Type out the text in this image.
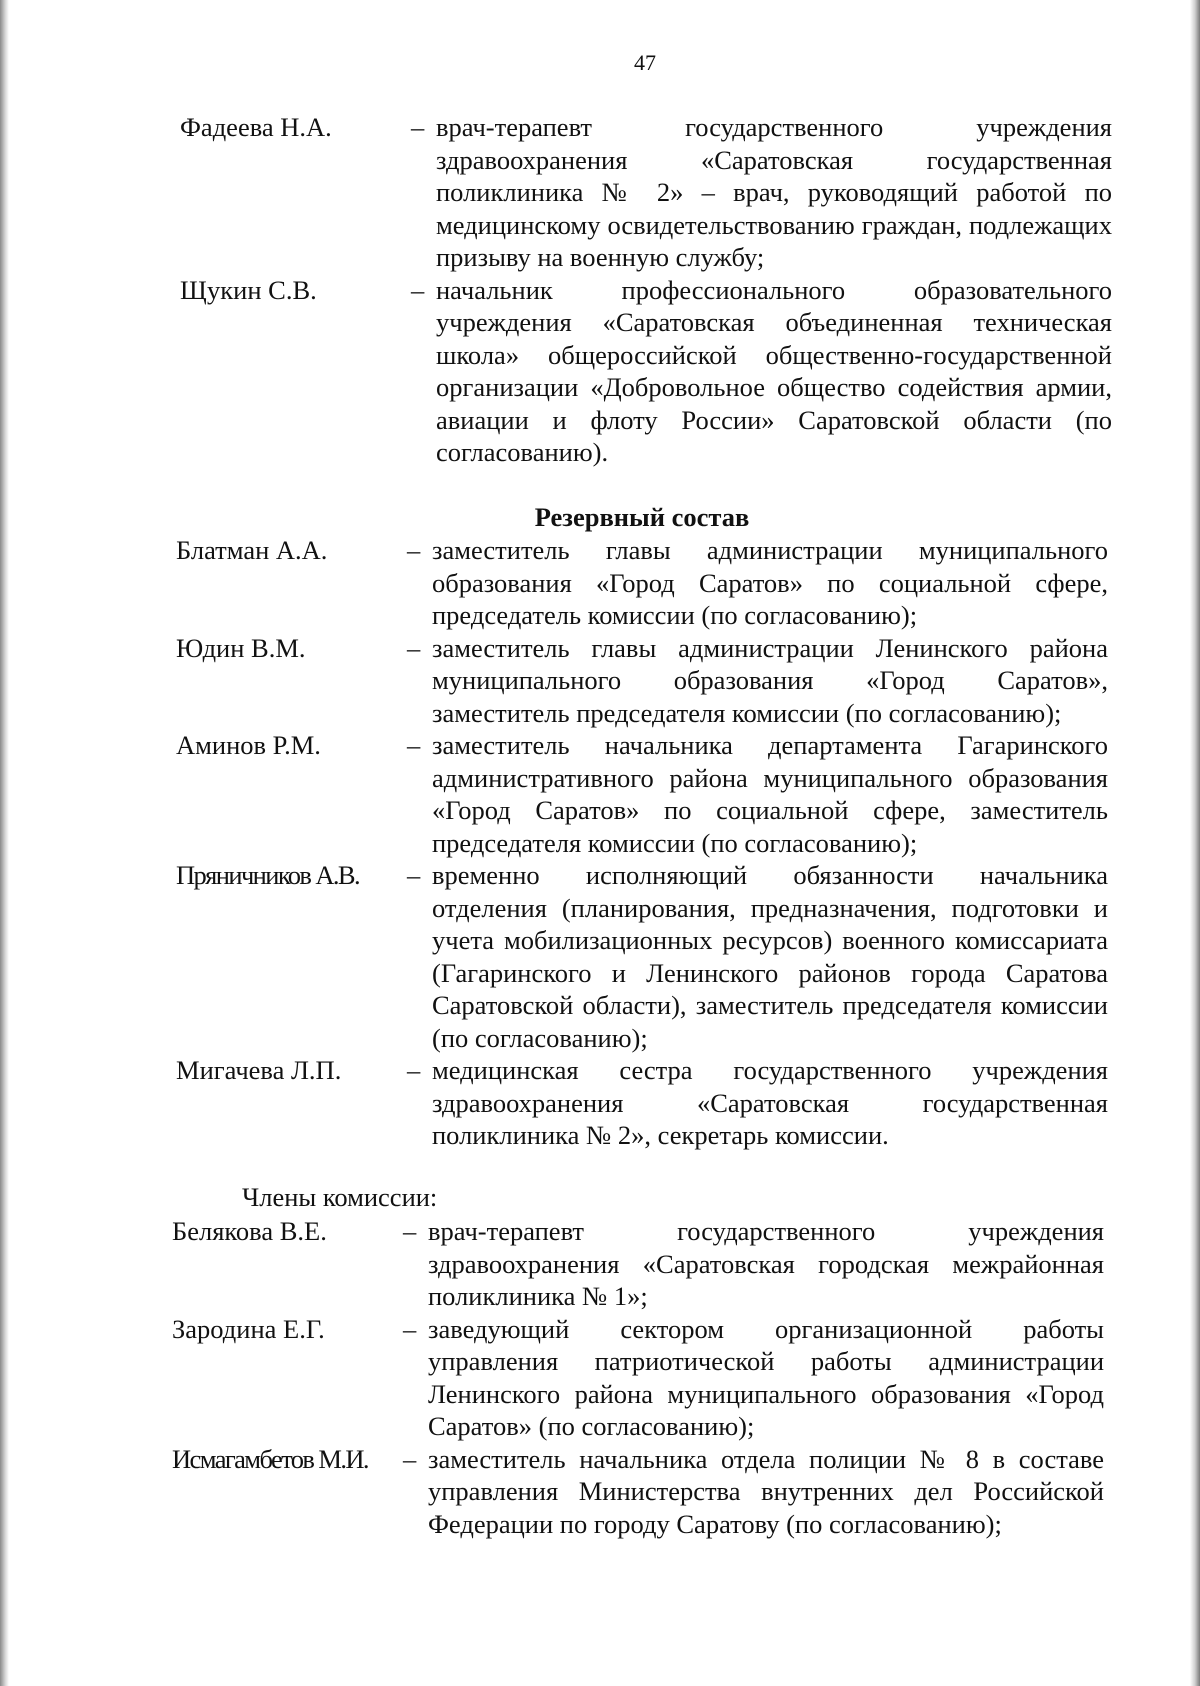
47
Фадеева Н.А.	– врач-терапевт государственного учреждения здравоохранения «Саратовская государственная поликлиника № 2» – врач, руководящий работой по медицинскому освидетельствованию граждан, подлежащих призыву на военную службу;
Щукин С.В.	– начальник профессионального образовательного учреждения «Саратовская объединенная техническая школа» общероссийской общественно-государственной организации «Добровольное общество содействия армии, авиации и флоту России» Саратовской области (по согласованию).
Резервный состав
Блатман А.А.	– заместитель главы администрации муниципального образования «Город Саратов» по социальной сфере, председатель комиссии (по согласованию);
Юдин В.М.	– заместитель главы администрации Ленинского района муниципального образования «Город Саратов», заместитель председателя комиссии (по согласованию);
Аминов Р.М.	– заместитель начальника департамента Гагаринского административного района муниципального образования «Город Саратов» по социальной сфере, заместитель председателя комиссии (по согласованию);
Пряничников А.В. – временно исполняющий обязанности начальника отделения (планирования, предназначения, подготовки и учета мобилизационных ресурсов) военного комиссариата (Гагаринского и Ленинского районов города Саратова Саратовской области), заместитель председателя комиссии (по согласованию);
Мигачева Л.П. – медицинская сестра государственного учреждения здравоохранения «Саратовская государственная поликлиника № 2», секретарь комиссии.
Члены комиссии:
Белякова В.Е.	– врач-терапевт государственного учреждения здравоохранения «Саратовская городская межрайонная поликлиника № 1»;
Зародина Е.Г.	– заведующий сектором организационной работы управления патриотической работы администрации Ленинского района муниципального образования «Город Саратов» (по согласованию);
Исмагамбетов М.И. – заместитель начальника отдела полиции № 8 в составе управления Министерства внутренних дел Российской Федерации по городу Саратову (по согласованию);
